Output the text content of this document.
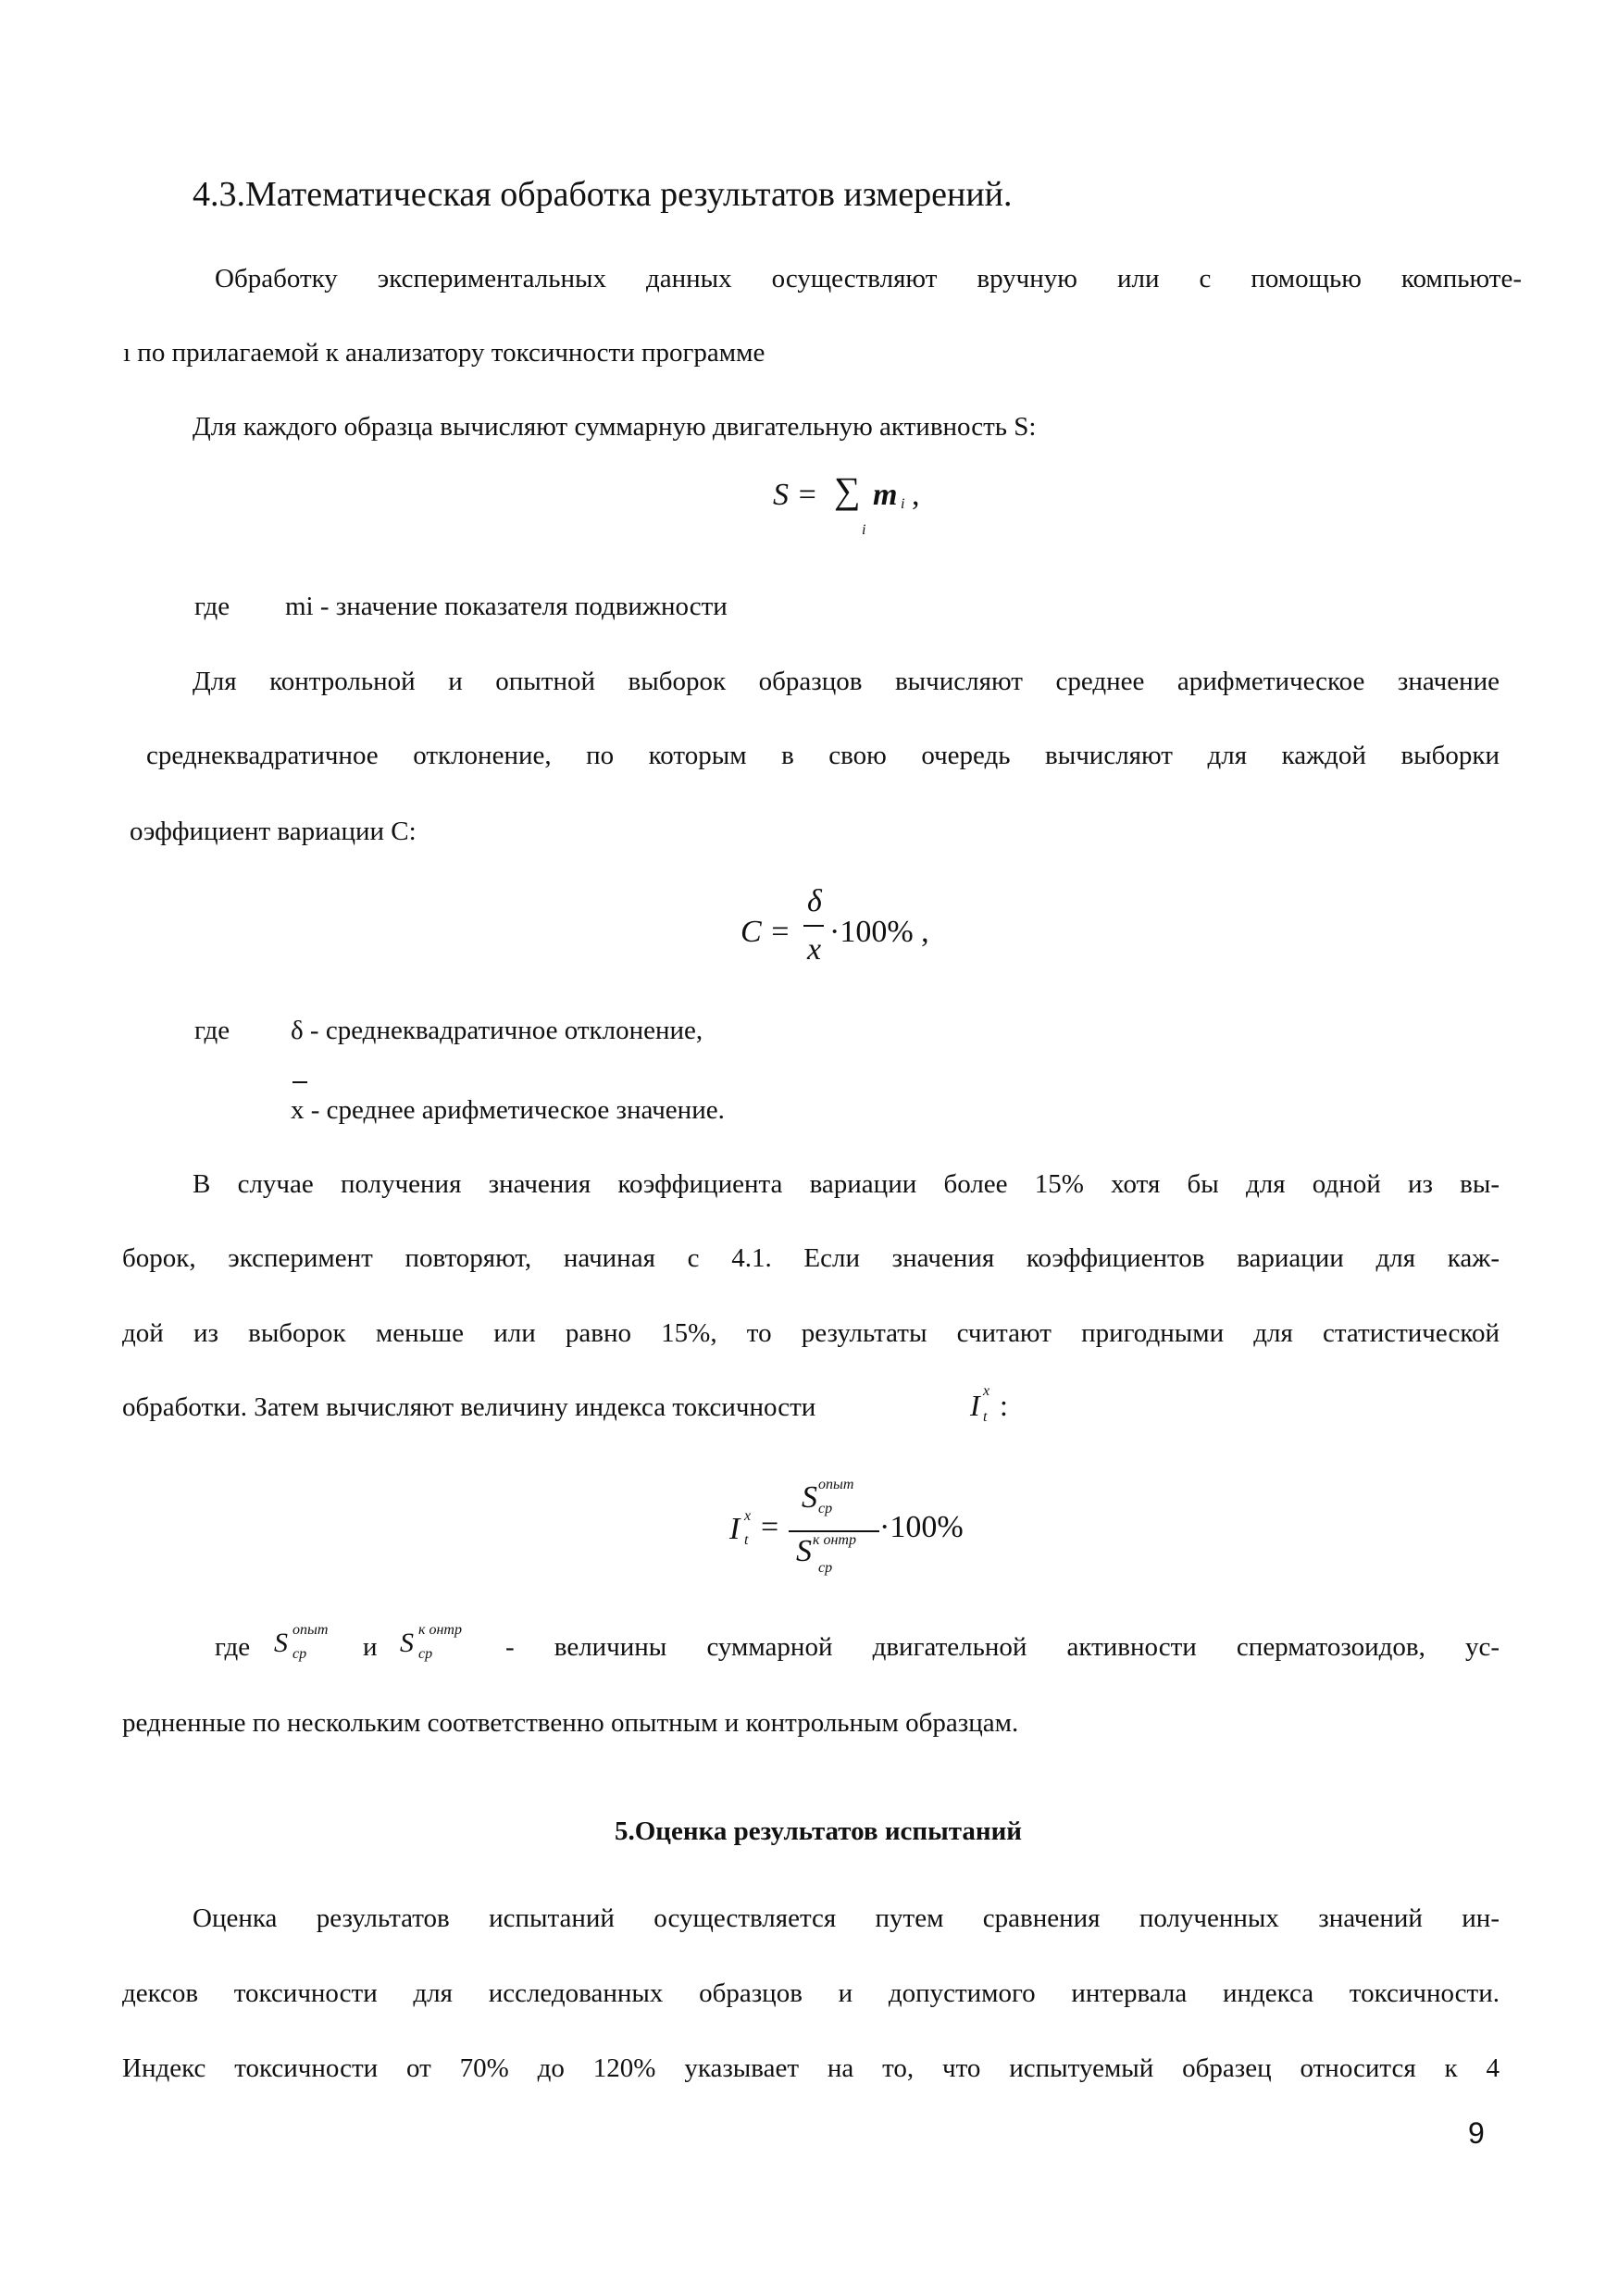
4.3.Математическая обработка результатов измерений.
Обработку экспериментальных данных осуществляют вручную или с помощью компьюте-
ı по прилагаемой к анализатору токсичности программе
Для каждого образца вычисляют суммарную двигательную активность S:
S = ∑
i
m i ,
где mi - значение показателя подвижности
Для контрольной и опытной выборок образцов вычисляют среднее арифметическое значение
среднеквадратичное отклонение, по которым в свою очередь вычисляют для каждой выборки
оэффициент вариации С:
C =
δ
x
·100% ,
где δ - среднеквадратичное отклонение,
x - среднее арифметическое значение.
В случае получения значения коэффициента вариации более 15% хотя бы для одной из вы-
борок, эксперимент повторяют, начиная с 4.1. Если значения коэффициентов вариации для каж-
дой из выборок меньше или равно 15%, то результаты считают пригодными для статистической
обработки. Затем вычисляют величину индекса токсичности	I x
t :
I x
t =
S опыт
ср
S к онтр
ср
·100%
где S опыт
ср и S к онтр
ср	- величины суммарной двигательной активности сперматозоидов, ус-
редненные по нескольким соответственно опытным и контрольным образцам.
5.Оценка результатов испытаний
Оценка результатов испытаний осуществляется путем сравнения полученных значений ин-
дексов токсичности для исследованных образцов и допустимого интервала индекса токсичности.
Индекс токсичности от 70% до 120% указывает на то, что испытуемый образец относится к 4
9
